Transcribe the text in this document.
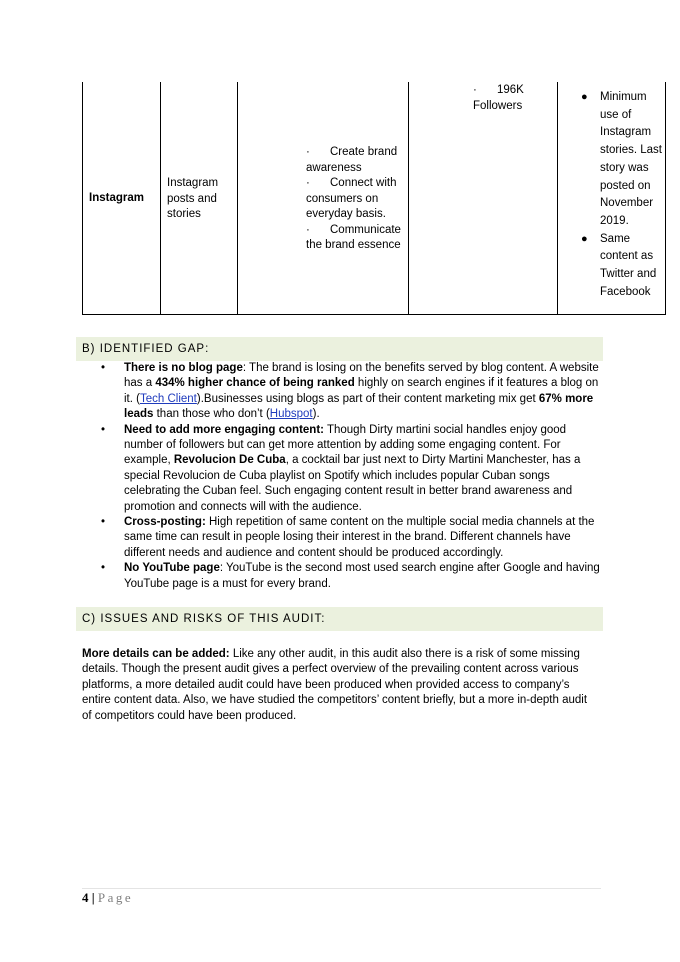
Instagram
Instagram posts and stories
· Create brand awareness
· Connect with consumers on everyday basis.
· Communicate the brand essence
· 196K
Followers
● Minimum use of Instagram stories. Last story was posted on November 2019.
● Same content as Twitter and Facebook
B) IDENTIFIED GAP:

• There is no blog page: The brand is losing on the benefits served by blog content. A website has a 434% higher chance of being ranked highly on search engines if it features a blog on it. (Tech Client).Businesses using blogs as part of their content marketing mix get 67% more leads than those who don’t (Hubspot).

• Need to add more engaging content: Though Dirty martini social handles enjoy good number of followers but can get more attention by adding some engaging content. For example, Revolucion De Cuba, a cocktail bar just next to Dirty Martini Manchester, has a special Revolucion de Cuba playlist on Spotify which includes popular Cuban songs celebrating the Cuban feel. Such engaging content result in better brand awareness and promotion and connects will with the audience.

• Cross-posting: High repetition of same content on the multiple social media channels at the same time can result in people losing their interest in the brand. Different channels have different needs and audience and content should be produced accordingly.

• No YouTube page: YouTube is the second most used search engine after Google and having YouTube page is a must for every brand.

C) ISSUES AND RISKS OF THIS AUDIT:
More details can be added: Like any other audit, in this audit also there is a risk of some missing details. Though the present audit gives a perfect overview of the prevailing content across various platforms, a more detailed audit could have been produced when provided access to company’s entire content data. Also, we have studied the competitors’ content briefly, but a more in-depth audit of competitors could have been produced.
4 | Page
